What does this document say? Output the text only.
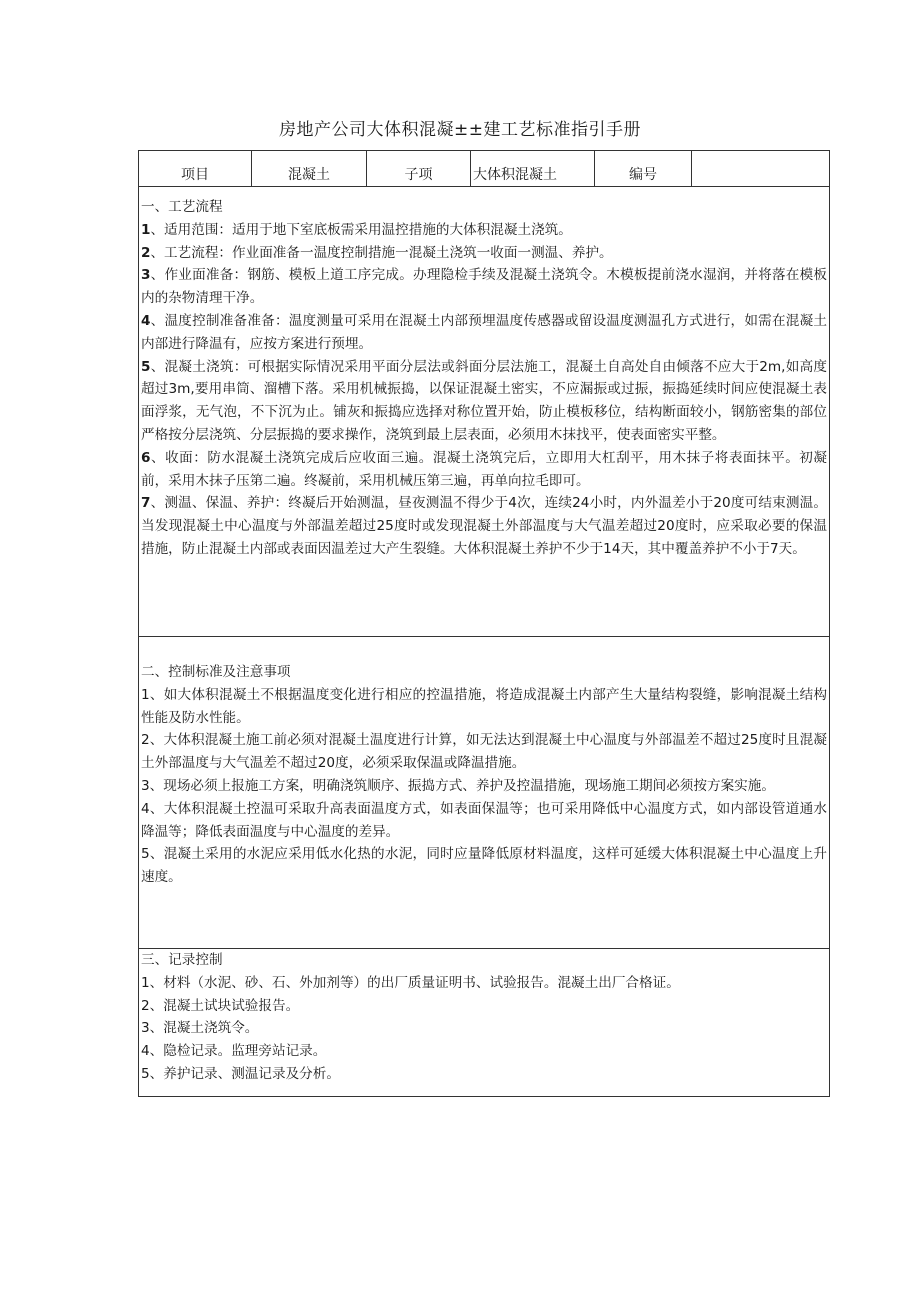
房地产公司大体积混凝±±建工艺标准指引手册
项目	混凝土	子项	大体积混凝土	编号

一、工艺流程

1、适用范围：适用于地下室底板需采用温控措施的大体积混凝土浇筑。

2、工艺流程：作业面准备一温度控制措施一混凝土浇筑一收面一测温、养护。

3、作业面准备：钢筋、模板上道工序完成。办理隐检手续及混凝土浇筑令。木模板提前浇水湿润，并将落在模板内的杂物清理干净。

4、温度控制准备准备：温度测量可采用在混凝土内部预埋温度传感器或留设温度测温孔方式进行，如需在混凝土内部进行降温有，应按方案进行预埋。

5、混凝土浇筑：可根据实际情况采用平面分层法或斜面分层法施工，混凝土自高处自由倾落不应大于2m,如高度超过3m,要用串筒、溜槽下落。采用机械振捣，以保证混凝土密实，不应漏振或过振，振捣延续时间应使混凝土表面浮浆，无气泡，不下沉为止。铺灰和振捣应选择对称位置开始，防止模板移位，结构断面较小，钢筋密集的部位严格按分层浇筑、分层振捣的要求操作，浇筑到最上层表面，必须用木抹找平，使表面密实平整。

6、收面：防水混凝土浇筑完成后应收面三遍。混凝土浇筑完后，立即用大杠刮平，用木抹子将表面抹平。初凝前，采用木抹子压第二遍。终凝前，采用机械压第三遍，再单向拉毛即可。

7、测温、保温、养护：终凝后开始测温，昼夜测温不得少于4次，连续24小时，内外温差小于20度可结束测温。当发现混凝土中心温度与外部温差超过25度时或发现混凝土外部温度与大气温差超过20度时，应采取必要的保温措施，防止混凝土内部或表面因温差过大产生裂缝。大体积混凝土养护不少于14天，其中覆盖养护不小于7天。

二、控制标准及注意事项

1、如大体积混凝土不根据温度变化进行相应的控温措施，将造成混凝土内部产生大量结构裂缝，影响混凝土结构性能及防水性能。

2、大体积混凝土施工前必须对混凝土温度进行计算，如无法达到混凝土中心温度与外部温差不超过25度时且混凝土外部温度与大气温差不超过20度，必须采取保温或降温措施。

3、现场必须上报施工方案，明确浇筑顺序、振捣方式、养护及控温措施，现场施工期间必须按方案实施。

4、大体积混凝土控温可采取升高表面温度方式，如表面保温等；也可采用降低中心温度方式，如内部设管道通水降温等；降低表面温度与中心温度的差异。

5、混凝土采用的水泥应采用低水化热的水泥，同时应量降低原材料温度，这样可延缓大体积混凝土中心温度上升速度。

三、记录控制

1、材料（水泥、砂、石、外加剂等）的出厂质量证明书、试验报告。混凝土出厂合格证。

2、混凝土试块试验报告。

3、混凝土浇筑令。

4、隐检记录。监理旁站记录。

5、养护记录、测温记录及分析。
